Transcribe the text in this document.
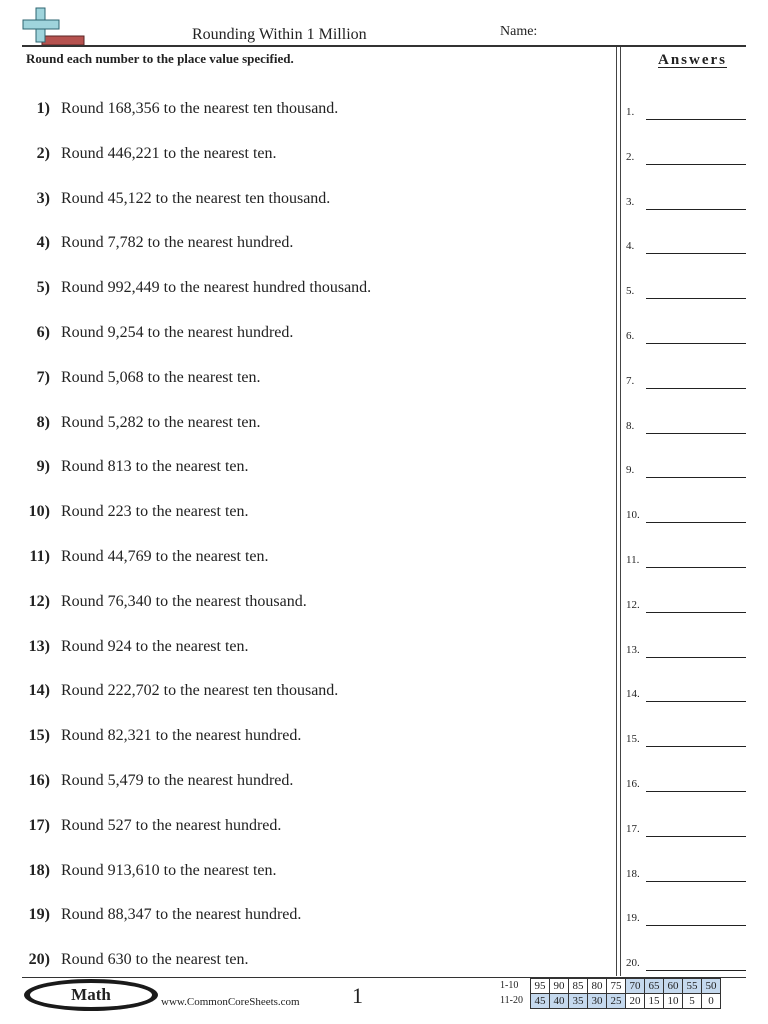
Rounding Within 1 Million	Name:
Round each number to the place value specified.	Answers
1) Round 168,356 to the nearest ten thousand.
2) Round 446,221 to the nearest ten.
3) Round 45,122 to the nearest ten thousand.
4) Round 7,782 to the nearest hundred.
5) Round 992,449 to the nearest hundred thousand.
6) Round 9,254 to the nearest hundred.
7) Round 5,068 to the nearest ten.
8) Round 5,282 to the nearest ten.
9) Round 813 to the nearest ten.
10) Round 223 to the nearest ten.
11) Round 44,769 to the nearest ten.
12) Round 76,340 to the nearest thousand.
13) Round 924 to the nearest ten.
14) Round 222,702 to the nearest ten thousand.
15) Round 82,321 to the nearest hundred.
16) Round 5,479 to the nearest hundred.
17) Round 527 to the nearest hundred.
18) Round 913,610 to the nearest ten.
19) Round 88,347 to the nearest hundred.
20) Round 630 to the nearest ten.
1.
2.
3.
4.
5.
6.
7.
8.
9.
10.
11.
12.
13.
14.
15.
16.
17.
18.
19.
20.
Math	www.CommonCoreSheets.com 1	1-10	95	90	85	80	75	70	65	60	55	50
11-20	45	40	35	30	25	20	15	10	5	0
